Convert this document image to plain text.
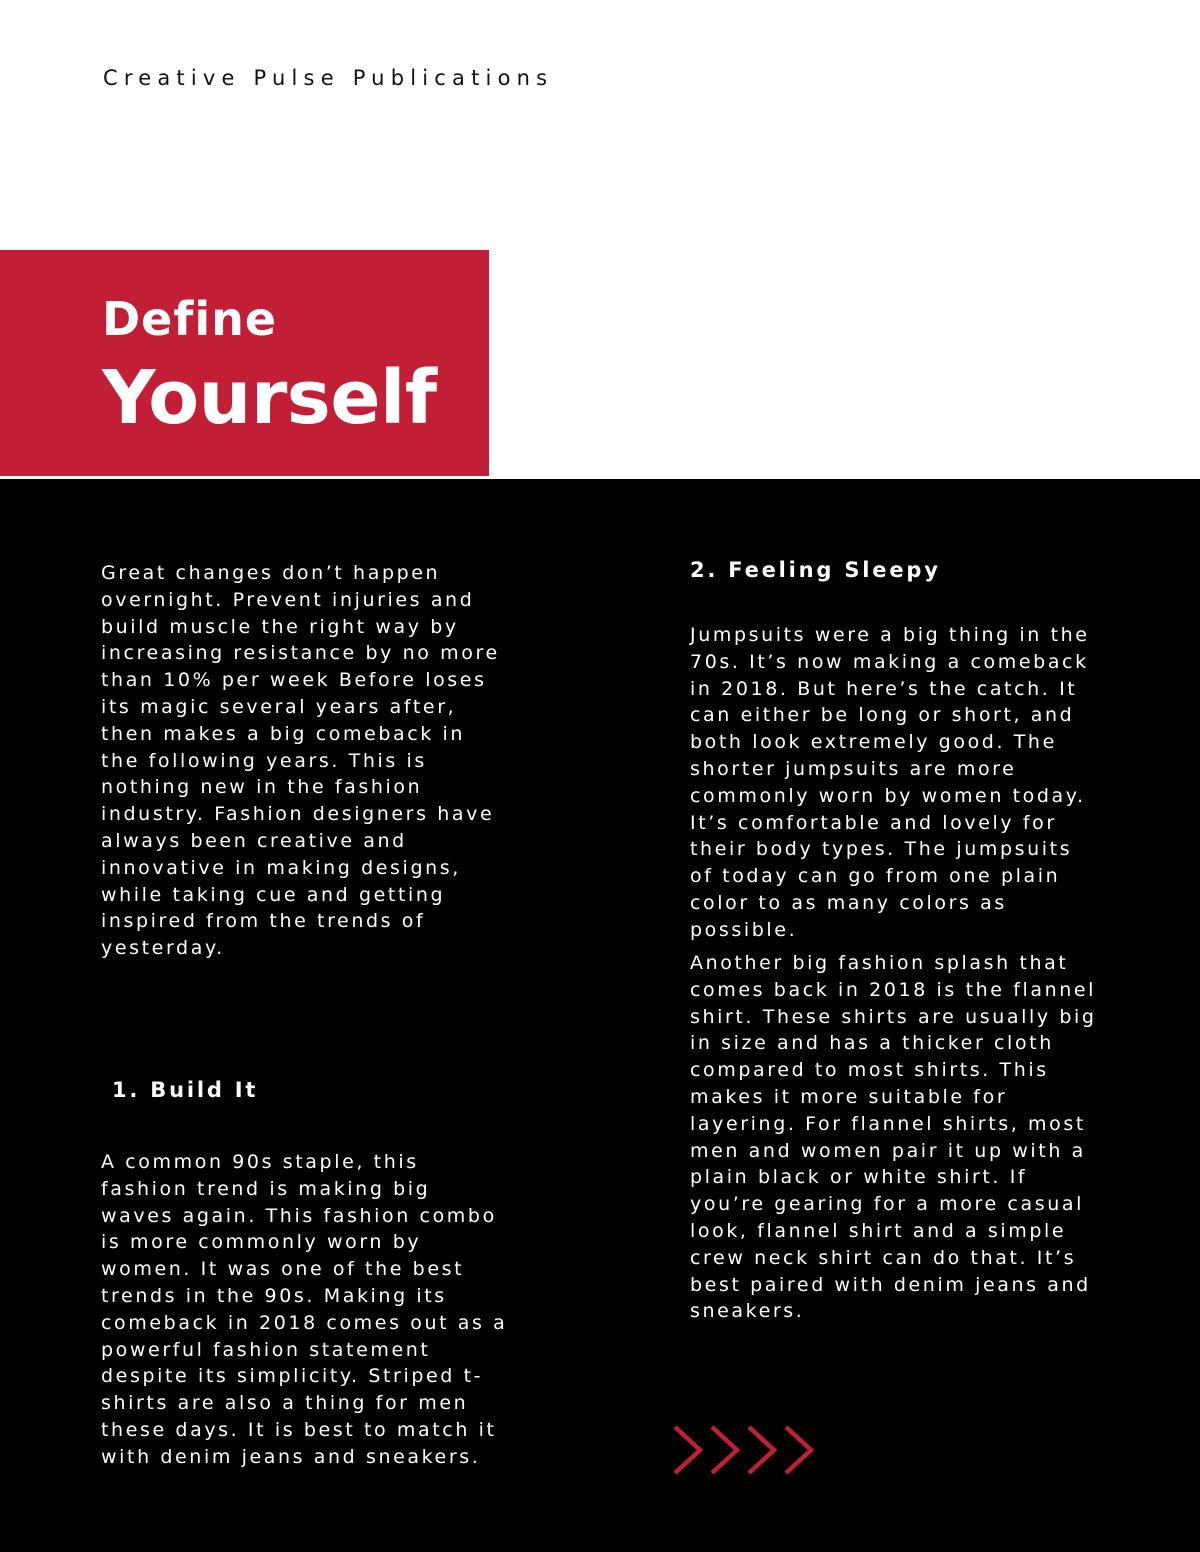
Creative Pulse Publications
Define
Yourself
Great changes don’t happen
overnight. Prevent injuries and
build muscle the right way by
increasing resistance by no more
than 10% per week Before loses
its magic several years after,
then makes a big comeback in
the following years. This is
nothing new in the fashion
industry. Fashion designers have
always been creative and
innovative in making designs,
while taking cue and getting
inspired from the trends of
yesterday.
1. Build It
A common 90s staple, this
fashion trend is making big
waves again. This fashion combo
is more commonly worn by
women. It was one of the best
trends in the 90s. Making its
comeback in 2018 comes out as a
powerful fashion statement
despite its simplicity. Striped t-
shirts are also a thing for men
these days. It is best to match it
with denim jeans and sneakers.
2. Feeling Sleepy
Jumpsuits were a big thing in the
70s. It’s now making a comeback
in 2018. But here’s the catch. It
can either be long or short, and
both look extremely good. The
shorter jumpsuits are more
commonly worn by women today.
It’s comfortable and lovely for
their body types. The jumpsuits
of today can go from one plain
color to as many colors as
possible.
Another big fashion splash that
comes back in 2018 is the flannel
shirt. These shirts are usually big
in size and has a thicker cloth
compared to most shirts. This
makes it more suitable for
layering. For flannel shirts, most
men and women pair it up with a
plain black or white shirt. If
you’re gearing for a more casual
look, flannel shirt and a simple
crew neck shirt can do that. It’s
best paired with denim jeans and
sneakers.
